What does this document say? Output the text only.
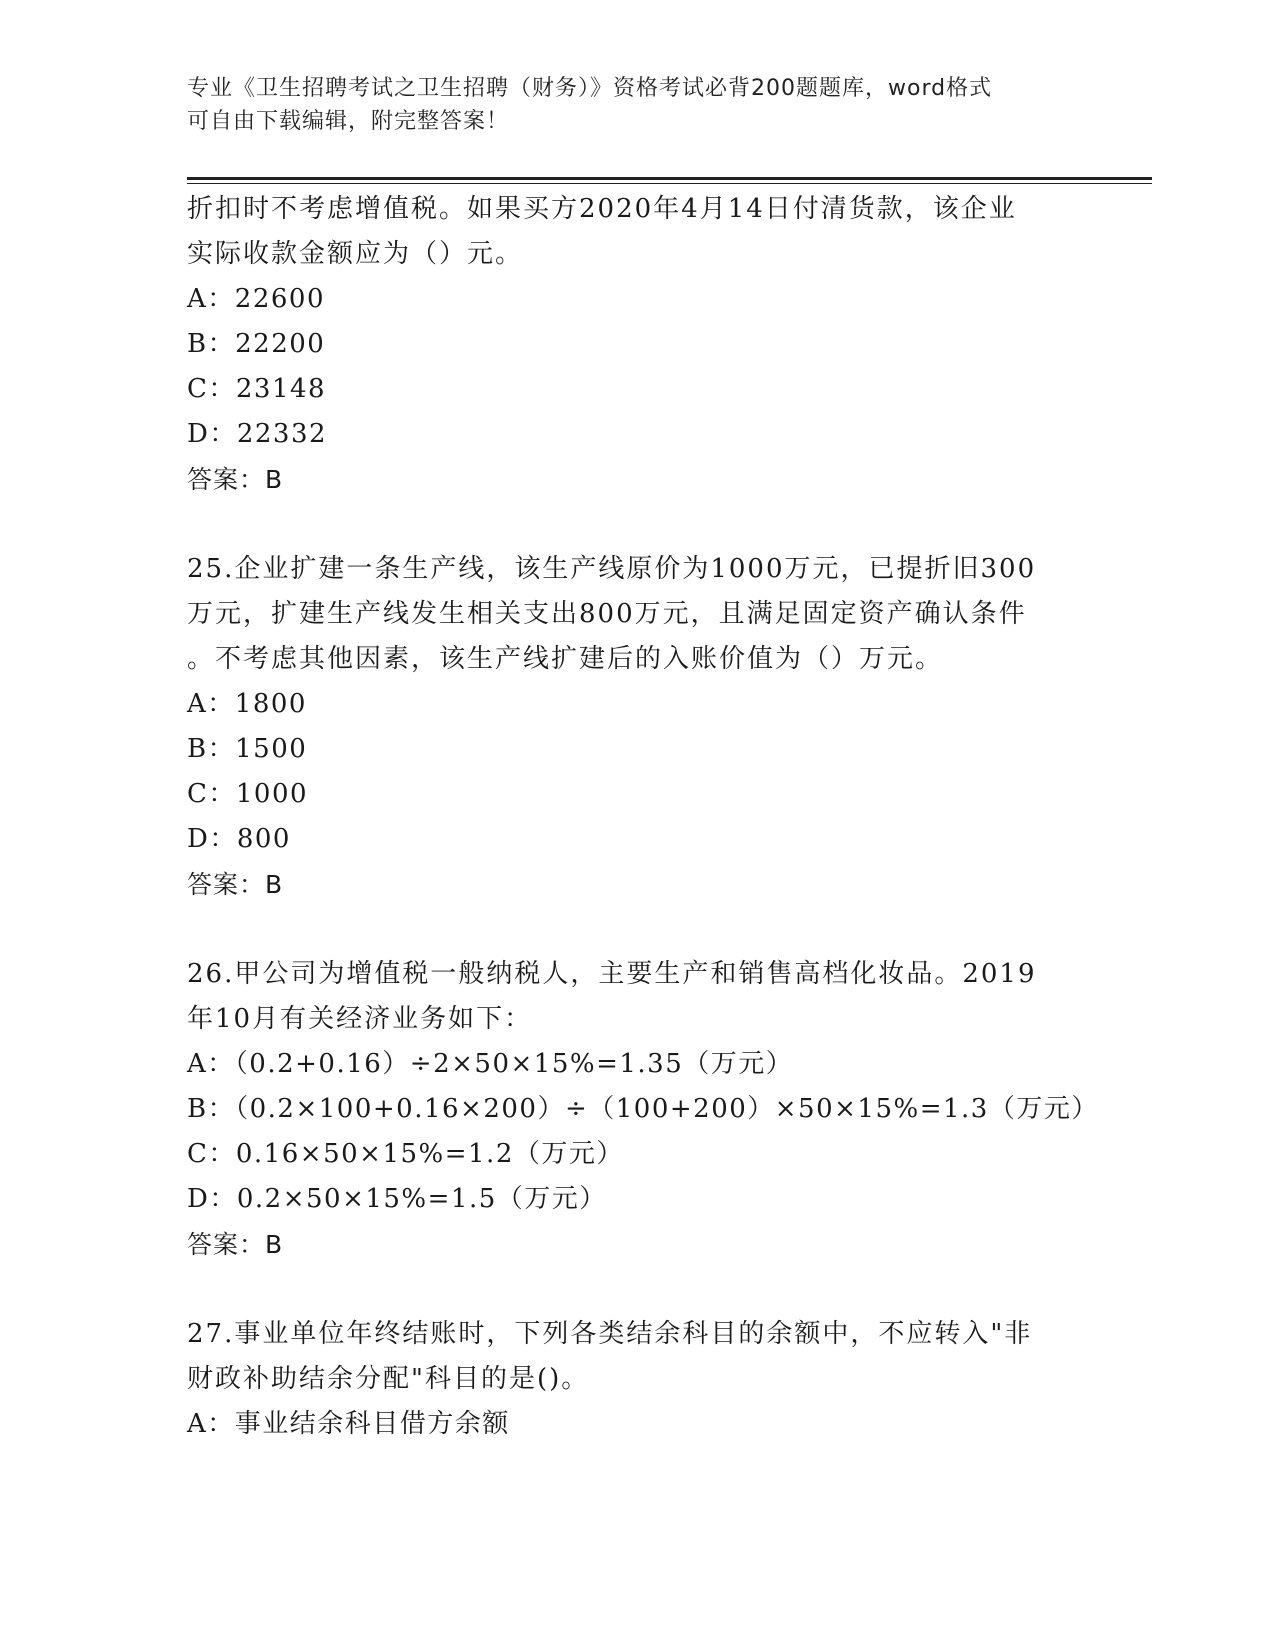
专业《卫生招聘考试之卫生招聘（财务）》资格考试必背200题题库，word格式
可自由下载编辑，附完整答案！
折扣时不考虑增值税。如果买方2020年4月14日付清货款，该企业
实际收款金额应为（）元。
A：22600
B：22200
C：23148
D：22332
答案：B
25.企业扩建一条生产线，该生产线原价为1000万元，已提折旧300
万元，扩建生产线发生相关支出800万元，且满足固定资产确认条件
。不考虑其他因素，该生产线扩建后的入账价值为（）万元。
A：1800
B：1500
C：1000
D：800
答案：B
26.甲公司为增值税一般纳税人，主要生产和销售高档化妆品。2019
年10月有关经济业务如下：
A：（0.2+0.16）÷2×50×15%=1.35（万元）
B：（0.2×100+0.16×200）÷（100+200）×50×15%=1.3（万元）
C：0.16×50×15%=1.2（万元）
D：0.2×50×15%=1.5（万元）
答案：B
27.事业单位年终结账时，下列各类结余科目的余额中，不应转入"非
财政补助结余分配"科目的是()。
A：事业结余科目借方余额
